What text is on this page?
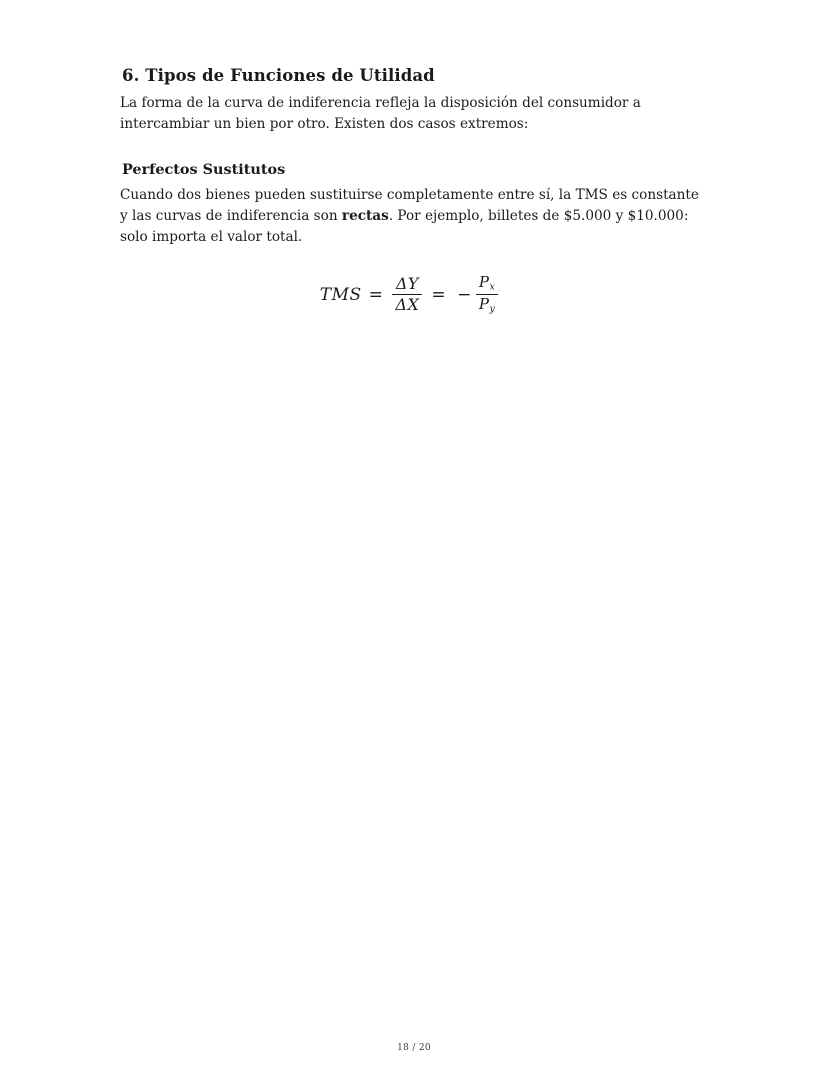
6. Tipos de Funciones de Utilidad

La forma de la curva de indiferencia refleja la disposición del consumidor a intercambiar un bien por otro. Existen dos casos extremos:

Perfectos Sustitutos

Cuando dos bienes pueden sustituirse completamente entre sí, la TMS es constante y las curvas de indiferencia son rectas. Por ejemplo, billetes de $5.000 y $10.000: solo importa el valor total.

TMS = $\frac{\Delta Y}{\Delta X}$ = − $\frac{P_x}{P_y}$
18 / 20
